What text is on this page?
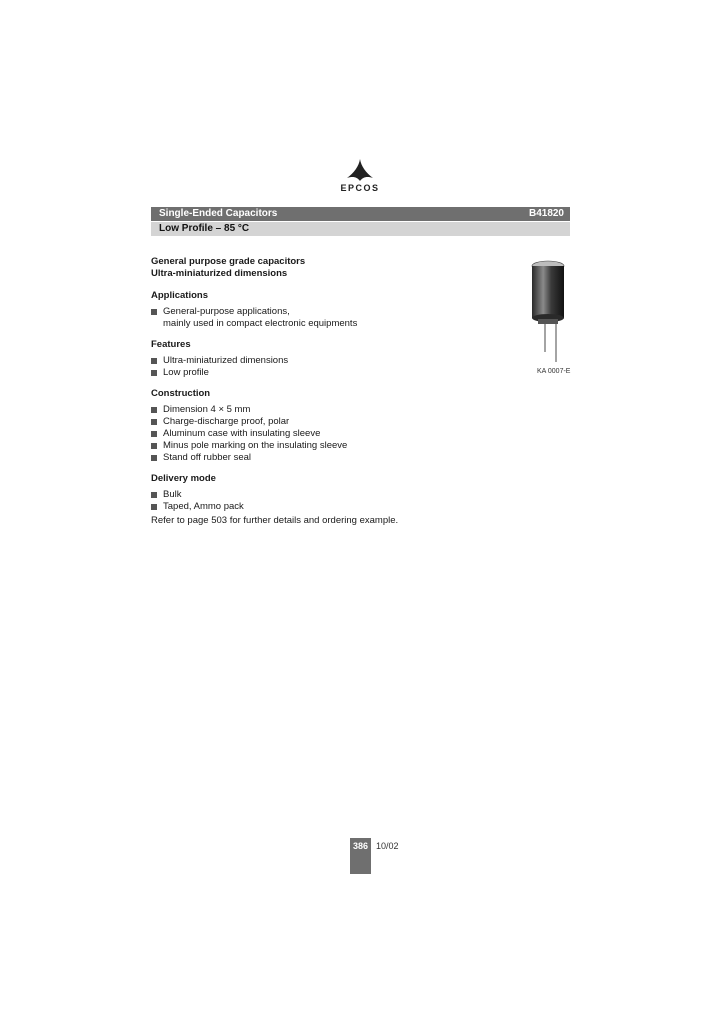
EPCOS
Single-Ended Capacitors	B41820
Low Profile – 85 °C
General purpose grade capacitors
Ultra-miniaturized dimensions
Applications
General-purpose applications,
mainly used in compact electronic equipments
Features
Ultra-miniaturized dimensions
Low profile
Construction
Dimension 4 × 5 mm
Charge-discharge proof, polar
Aluminum case with insulating sleeve
Minus pole marking on the insulating sleeve
Stand off rubber seal
Delivery mode
Bulk
Taped, Ammo pack
Refer to page 503 for further details and ordering example.
KA 0007-E
386 10/02
